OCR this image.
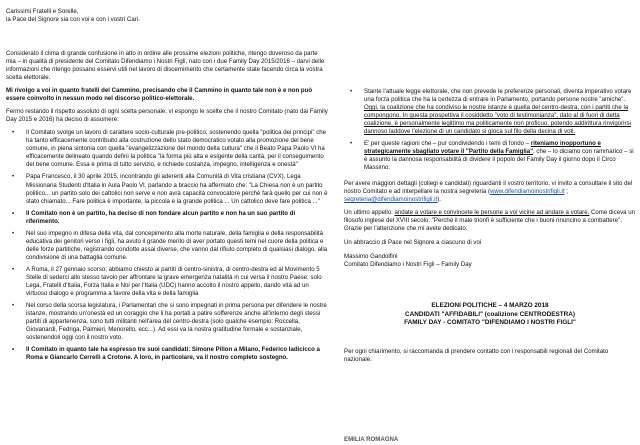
Carissimi Fratelli e Sorelle,
la Pace del Signore sia con voi e con i vostri Cari.

Considerato il clima di grande confusione in atto in ordine alle prossime elezioni politiche, ritengo doveroso da parte mia – in qualità di presidente del Comitato Difendiamo i Nostri Figli, nato con i due Family Day 2015/2016 – darvi delle informazioni che ritengo possano esservi utili nel lavoro di discernimento che certamente state facendo circa la vostra scelta elettorale.

Mi rivolgo a voi in quanto fratelli del Cammino, precisando che il Cammino in quanto tale non è e non può essere coinvolto in nessun modo nel discorso politico-elettorale.

Fermo restando il rispetto assoluto di ogni scelta personale, vi espongo le scelte che il nostro Comitato (nato dai Family Day 2015 e 2016) ha deciso di assumere:

• Il Comitato svolge un lavoro di carattere socio-culturale pre-politico, sostenendo quella "politica dei principi" che ha tanto efficacemente contribuito alla costruzione dello stato democratico votato alla promozione del bene comune, in piena sintonia con quella "evangelizzazione del mondo della cultura" che il Beato Papa Paolo VI ha efficacemente delineato quando definì la politica "la forma più alta e esigente della carità, per il conseguimento del bene comune. Essa è prima di tutto servizio, e richiede costanza, impegno, intelligenza e onestà"
• Papa Francesco, il 30 aprile 2015, incontrando gli aderenti alla Comunità di Vita cristiana (CVX), Lega Missionaria Studenti d'Italia in Aula Paolo VI, parlando a braccio ha affermato che: "La Chiesa non è un partito politico... un partito solo dei cattolici non serve e non avrà capacità convocatore perché farà quello per cui non è stato chiamato... Fare politica è importante, la piccola e la grande politica ... Un cattolico deve fare politica ..."
• Il Comitato non è un partito, ha deciso di non fondare alcun partito e non ha un suo partito di riferimento.
• Nel suo impegno in difesa della vita, dal concepimento alla morte naturale, della famiglia e della responsabilità educativa dei genitori verso i figli, ha avuto il grande merito di aver portato questi temi nel cuore della politica e delle forze partitiche, registrando condotte assai diverse, che vanno dal rifiuto completo di qualsiasi dialogo, alla condivisione di una battaglia comune.
• A Roma, il 27 gennaio scorso, abbiamo chiesto ai partiti di centro-sinistra, di centro-destra ed al Movimento 5 Stelle di sederci allo stesso tavolo per affrontare la grave emergenza natalità in cui versa il nostro Paese: solo Lega, Fratelli d'Italia, Forza Italia e Noi per l'Italia (UDC) hanno accolto il nostro appello, dando vita ad un virtuoso dialogo e programma a favore della vita e della famiglia
• Nel corso della scorsa legislatura, i Parlamentari che si sono impegnati in prima persona per difendere le nostre istanze, mostrando un'onestà ed un coraggio che li ha portati a patire sofferenze anche all'interno degli stessi partiti di appartenenza, sono tutti militanti nell'area del centro-destra (solo qualche esempio: Roccella, Giovanardi, Fedriga, Palmieri, Menorello, ecc...). Ad essi va la nostra gratitudine formale e sostanziale, sostenendoli oggi con il nostro voto.
• Il Comitato in quanto tale ha espresso tre suoi candidati: Simone Pillon a Milano, Federico Iadicicco a Roma e Giancarlo Cerrelli a Crotone. A loro, in particolare, va il nostro completo sostegno.
• Stante l'attuale legge elettorale, che non prevede le preferenze personali, diventa imperativo votare una forza politica che ha la certezza di entrare in Parlamento, portando persone nostre "amiche". Oggi, la coalizione che ha condiviso le nostre istanze è quella del centro-destra, con i partiti che la compongono. In questa prospettiva il cosiddetto "voto di testimonianza", dato al di fuori di detta coalizione, è personalmente legittimo ma politicamente non proficuo, potendo addirittura rinvigorirsi dannoso laddove l'elezione di un candidato si gioca sul filo della decina di voti.
• E' per queste ragioni che – pur condividendo i temi di fondo – riteniamo inopportuno e strategicamente sbagliato votare il "Partito della Famiglia", che – lo diciamo con rammarico – si è assunto la dannosa responsabilità di dividere il popolo del Family Day il giorno dopo il Circo Massimo.

Per avere maggiori dettagli (collegi e candidati) riguardanti il vostro territorio, vi invito a consultare il sito del nostro Comitato e ad interpellare la nostra segreteria (www.difendiamoinostrifigli.it ; segreteria@difendiamoinostrifigli.it).

Un ultimo appello: andate a votare e convincete le persone a voi vicine ad andare a votare. Come diceva un filosofo inglese del XVIII secolo: "Perché il male trionfi è sufficiente che i buoni rinuncino a combattere". Grazie per l'attenzione che mi avete dedicato.

Un abbraccio di Pace nel Signore a ciascuno di voi

Massimo Gandolfini
Comitato Difendiamo i Nostri Figli – Family Day

ELEZIONI POLITICHE – 4 MARZO 2018
CANDIDATI "AFFIDABILI" (coalizione CENTRODESTRA)
FAMILY DAY - COMITATO "DIFENDIAMO I NOSTRI FIGLI"

Per ogni chiarimento, si raccomanda di prendere contatto con i responsabili regionali del Comitato nazionale.

EMILIA ROMAGNA
